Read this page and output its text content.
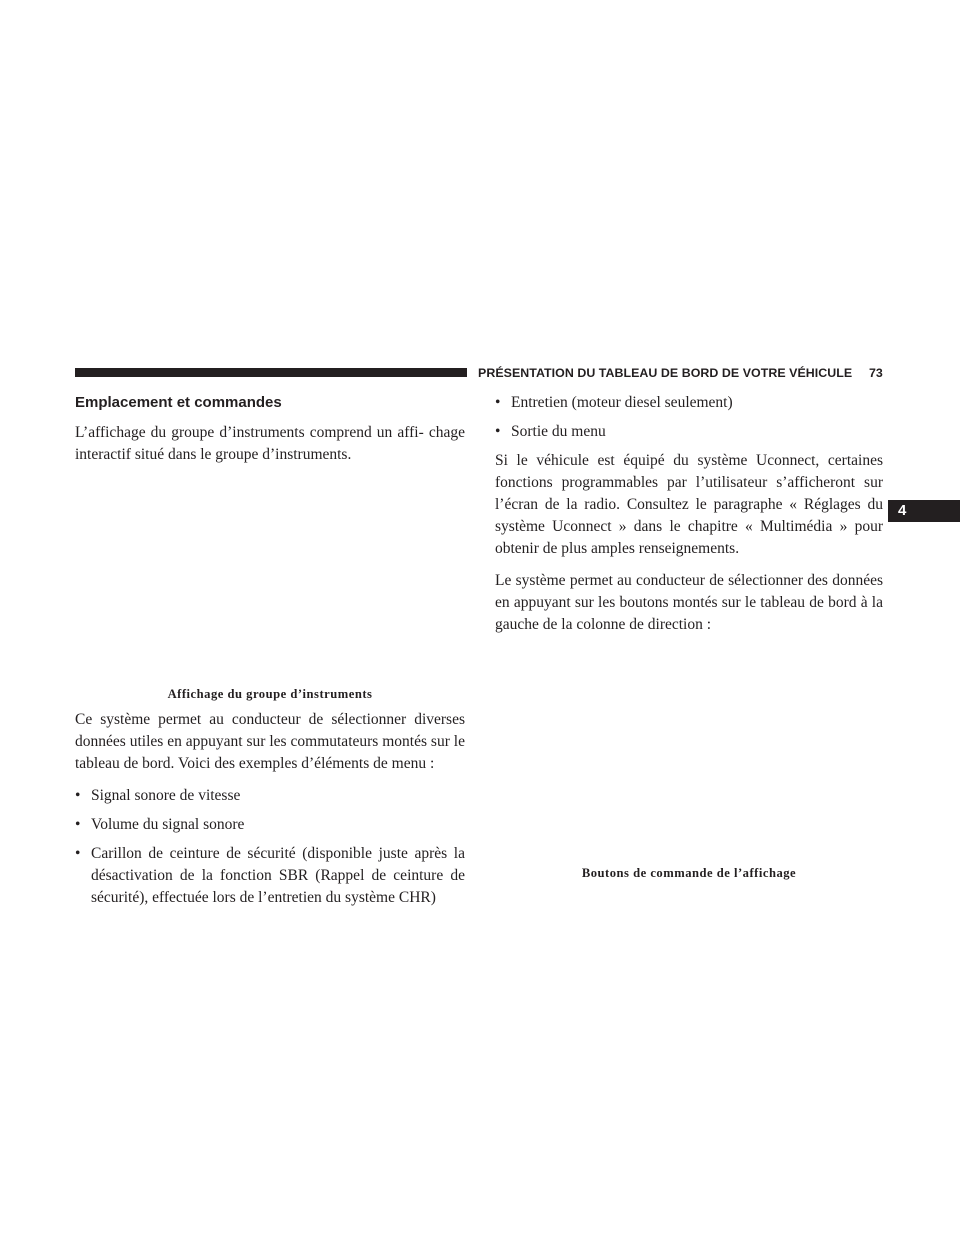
PRÉSENTATION DU TABLEAU DE BORD DE VOTRE VÉHICULE 73
4
Emplacement et commandes

L’affichage du groupe d’instruments comprend un affi- chage interactif situé dans le groupe d’instruments.

Affichage du groupe d’instruments

Ce système permet au conducteur de sélectionner diverses données utiles en appuyant sur les commutateurs montés sur le tableau de bord. Voici des exemples d’éléments de menu :

• Signal sonore de vitesse
• Volume du signal sonore
• Carillon de ceinture de sécurité (disponible juste après la désactivation de la fonction SBR (Rappel de ceinture de sécurité), effectuée lors de l’entretien du système CHR)
• Entretien (moteur diesel seulement)
• Sortie du menu

Si le véhicule est équipé du système Uconnect, certaines fonctions programmables par l’utilisateur s’afficheront sur l’écran de la radio. Consultez le paragraphe « Réglages du système Uconnect » dans le chapitre « Multimédia » pour obtenir de plus amples renseignements.

Le système permet au conducteur de sélectionner des données en appuyant sur les boutons montés sur le tableau de bord à la gauche de la colonne de direction :

Boutons de commande de l’affichage
